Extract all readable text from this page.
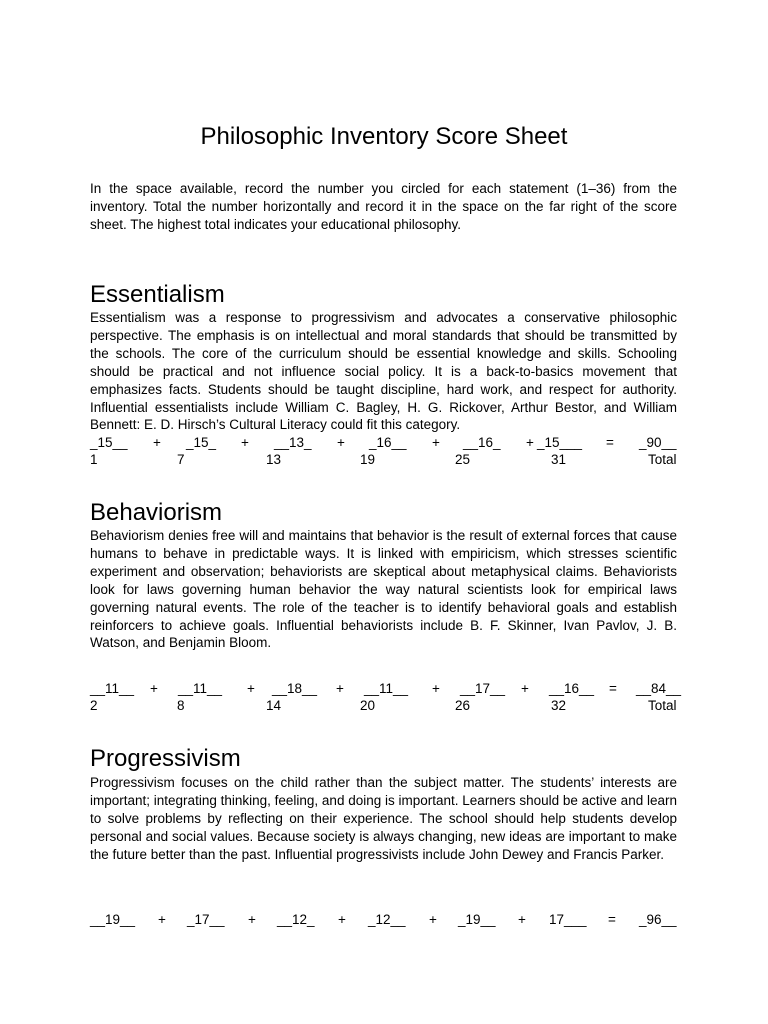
Philosophic Inventory Score Sheet

In the space available, record the number you circled for each statement (1–36) from the inventory. Total the number horizontally and record it in the space on the far right of the score sheet. The highest total indicates your educational philosophy.

Essentialism

Essentialism was a response to progressivism and advocates a conservative philosophic perspective. The emphasis is on intellectual and moral standards that should be transmitted by the schools. The core of the curriculum should be essential knowledge and skills. Schooling should be practical and not influence social policy. It is a back-to-basics movement that emphasizes facts. Students should be taught discipline, hard work, and respect for authority. Influential essentialists include William C. Bagley, H. G. Rickover, Arthur Bestor, and William Bennett: E. D. Hirsch’s Cultural Literacy could fit this category.

_15__ + _15_ + __13_ + _16__ + __16_ + _15___ = _90__
1	7	13	19	25	31	Total
Behaviorism

Behaviorism denies free will and maintains that behavior is the result of external forces that cause humans to behave in predictable ways. It is linked with empiricism, which stresses scientific experiment and observation; behaviorists are skeptical about metaphysical claims. Behaviorists look for laws governing human behavior the way natural scientists look for empirical laws governing natural events. The role of the teacher is to identify behavioral goals and establish reinforcers to achieve goals. Influential behaviorists include B. F. Skinner, Ivan Pavlov, J. B. Watson, and Benjamin Bloom.

__11__ + __11__ + __18__ + __11__ + __17__ + __16__ = __84__
2	8	14	20	26	32	Total
Progressivism

Progressivism focuses on the child rather than the subject matter. The students’ interests are important; integrating thinking, feeling, and doing is important. Learners should be active and learn to solve problems by reflecting on their experience. The school should help students develop personal and social values. Because society is always changing, new ideas are important to make the future better than the past. Influential progressivists include John Dewey and Francis Parker.

__19__ + _17__ + __12_ + _12__ + _19__ + 17___ = _96__
